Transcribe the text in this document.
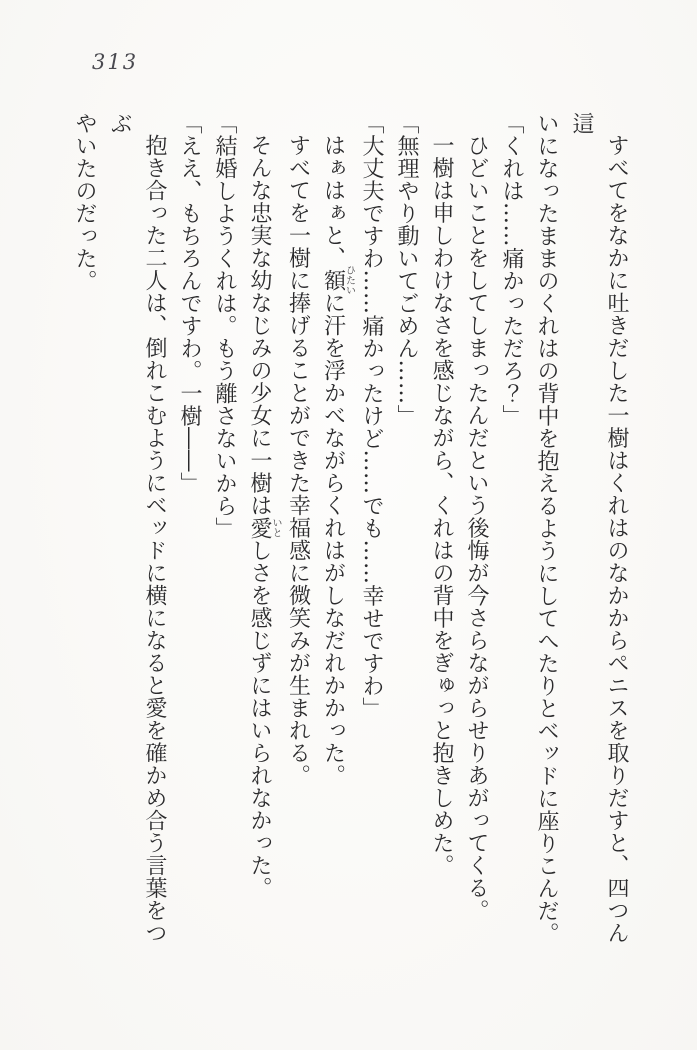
313

すべてをなかに吐きだした一樹はくれはのなかからペニスを取りだすと、四つん這

いになったままのくれはの背中を抱えるようにしてへたりとベッドに座りこんだ。

「くれは……痛かっただろ？」

ひどいことをしてしまったんだという後悔が今さらながらせりあがってくる。

一樹は申しわけなさを感じながら、くれはの背中をぎゅっと抱きしめた。

「無理やり動いてごめん……」

「大丈夫ですわ……痛かったけど……でも……幸せですわ」

はぁはぁと、額ひたいに汗を浮かべながらくれはがしなだれかかった。

すべてを一樹に捧げることができた幸福感に微笑みが生まれる。

そんな忠実な幼なじみの少女に一樹は愛いとしさを感じずにはいられなかった。

「結婚しようくれは。もう離さないから」

「ええ、もちろんですわ。一樹――」

抱き合った二人は、倒れこむようにベッドに横になると愛を確かめ合う言葉をつぶ

やいたのだった。
